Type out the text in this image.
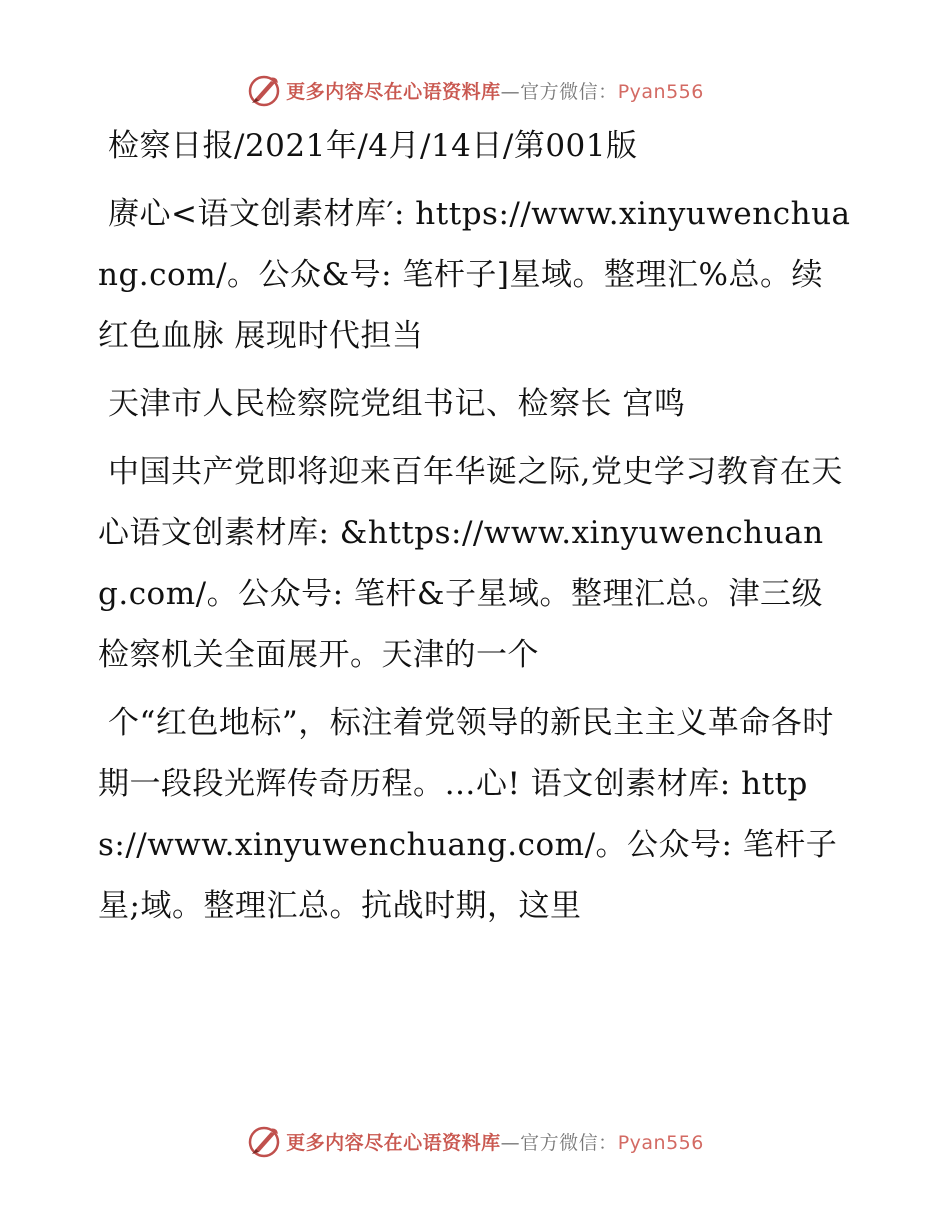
更多内容尽在心语资料库—官方微信：Pyan556

检察日报/2021年/4月/14日/第001版

赓心<语文创素材库′: https://www.xinyuwenchuang.com/。公众&号: 笔杆子]星域。整理汇%总。续红色血脉 展现时代担当

天津市人民检察院党组书记、检察长 宫鸣

中国共产党即将迎来百年华诞之际,党史学习教育在天心语文创素材库: &https://www.xinyuwenchuang.com/。公众号: 笔杆&子星域。整理汇总。津三级检察机关全面展开。天津的一个

个“红色地标”，标注着党领导的新民主主义革命各时期一段段光辉传奇历程。…心! 语文创素材库: https://www.xinyuwenchuang.com/。公众号: 笔杆子星;域。整理汇总。抗战时期，这里

更多内容尽在心语资料库—官方微信：Pyan556
